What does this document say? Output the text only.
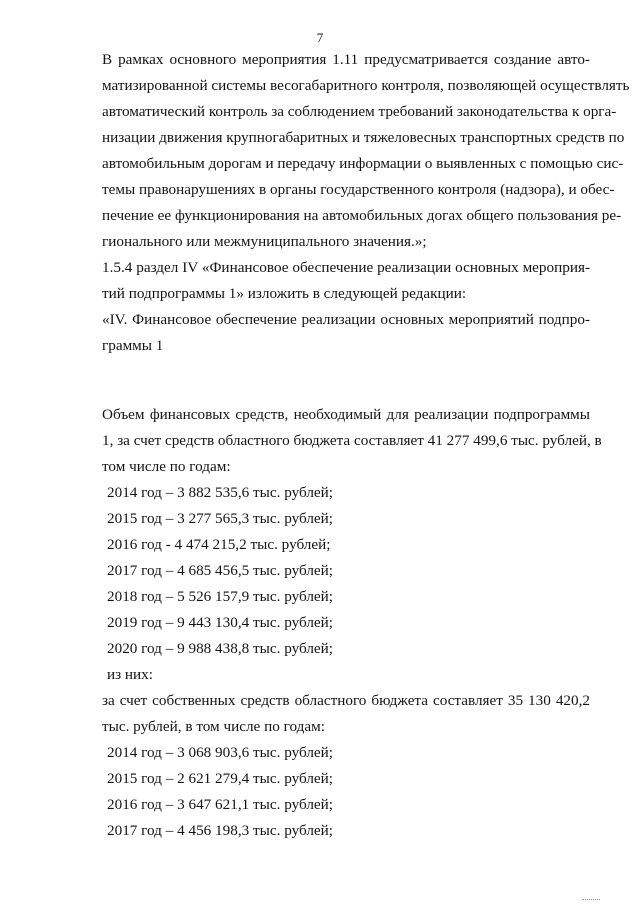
7
В рамках основного мероприятия 1.11 предусматривается создание авто-
матизированной системы весогабаритного контроля, позволяющей осуществлять
автоматический контроль за соблюдением требований законодательства к орга-
низации движения крупногабаритных и тяжеловесных транспортных средств по
автомобильным дорогам и передачу информации о выявленных с помощью сис-
темы правонарушениях в органы государственного контроля (надзора), и обес-
печение ее функционирования на автомобильных догах общего пользования ре-
гионального или межмуниципального значения.»;
1.5.4 раздел IV «Финансовое обеспечение реализации основных мероприя-
тий подпрограммы 1» изложить в следующей редакции:
«IV. Финансовое обеспечение реализации основных мероприятий подпро-
граммы 1
Объем финансовых средств, необходимый для реализации подпрограммы
1, за счет средств областного бюджета составляет 41 277 499,6 тыс. рублей, в
том числе по годам:
2014 год – 3 882 535,6 тыс. рублей;
2015 год – 3 277 565,3 тыс. рублей;
2016 год - 4 474 215,2 тыс. рублей;
2017 год – 4 685 456,5 тыс. рублей;
2018 год – 5 526 157,9 тыс. рублей;
2019 год – 9 443 130,4 тыс. рублей;
2020 год – 9 988 438,8 тыс. рублей;
из них:
за счет собственных средств областного бюджета составляет 35 130 420,2
тыс. рублей, в том числе по годам:
2014 год – 3 068 903,6 тыс. рублей;
2015 год – 2 621 279,4 тыс. рублей;
2016 год – 3 647 621,1 тыс. рублей;
2017 год – 4 456 198,3 тыс. рублей;
